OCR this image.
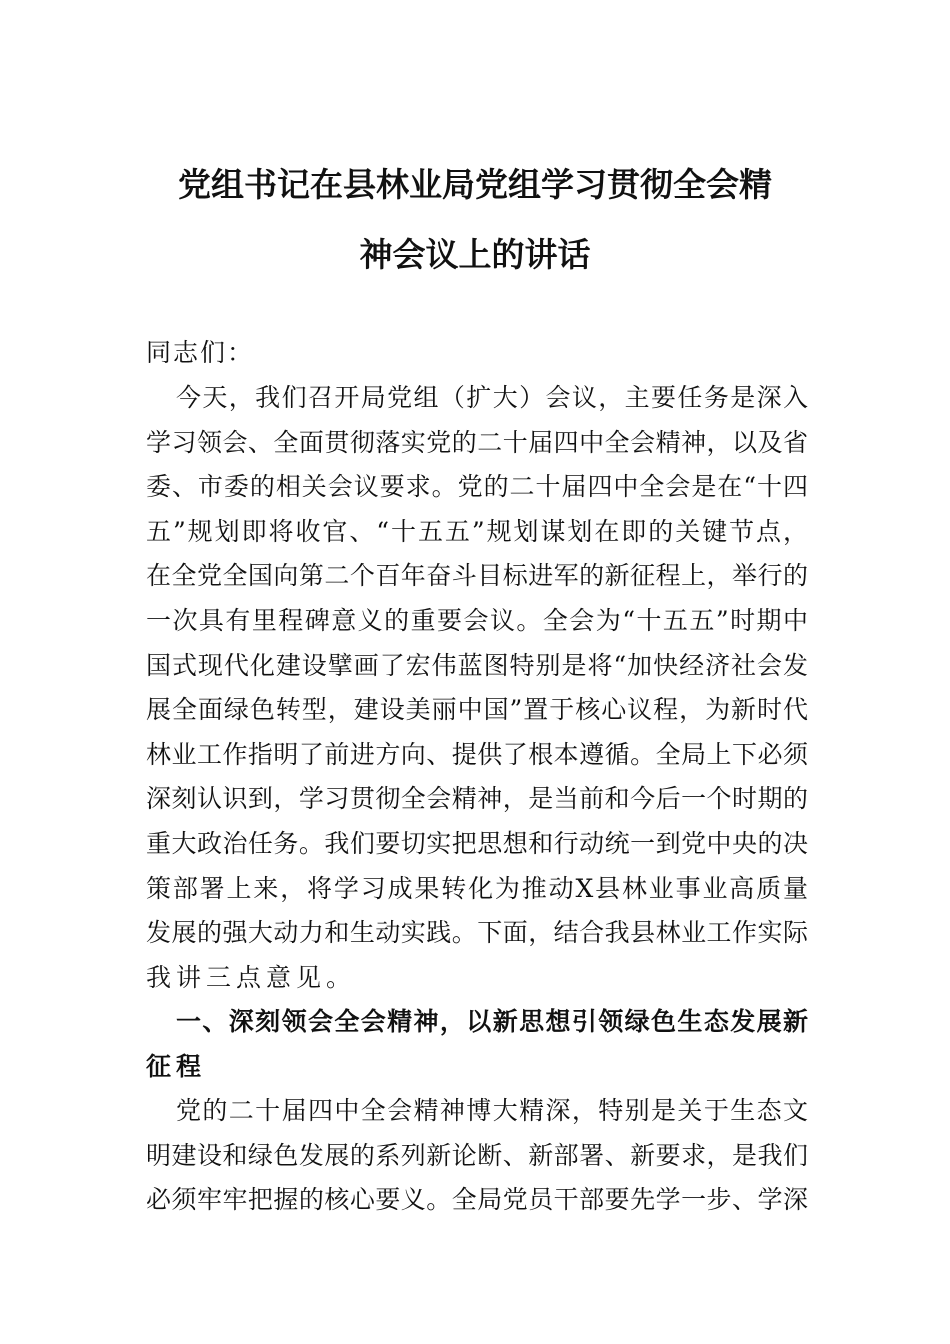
党组书记在县林业局党组学习贯彻全会精
神会议上的讲话
同志们：
今天，我们召开局党组（扩大）会议，主要任务是深入
学习领会、全面贯彻落实党的二十届四中全会精神，以及省
委、市委的相关会议要求。党的二十届四中全会是在“十四
五”规划即将收官、“十五五”规划谋划在即的关键节点，
在全党全国向第二个百年奋斗目标进军的新征程上，举行的
一次具有里程碑意义的重要会议。全会为“十五五”时期中
国式现代化建设擘画了宏伟蓝图特别是将“加快经济社会发
展全面绿色转型，建设美丽中国”置于核心议程，为新时代
林业工作指明了前进方向、提供了根本遵循。全局上下必须
深刻认识到，学习贯彻全会精神，是当前和今后一个时期的
重大政治任务。我们要切实把思想和行动统一到党中央的决
策部署上来，将学习成果转化为推动X县林业事业高质量
发展的强大动力和生动实践。下面，结合我县林业工作实际
我讲三点意见。
一、深刻领会全会精神，以新思想引领绿色生态发展新
征程
党的二十届四中全会精神博大精深，特别是关于生态文
明建设和绿色发展的系列新论断、新部署、新要求，是我们
必须牢牢把握的核心要义。全局党员干部要先学一步、学深
